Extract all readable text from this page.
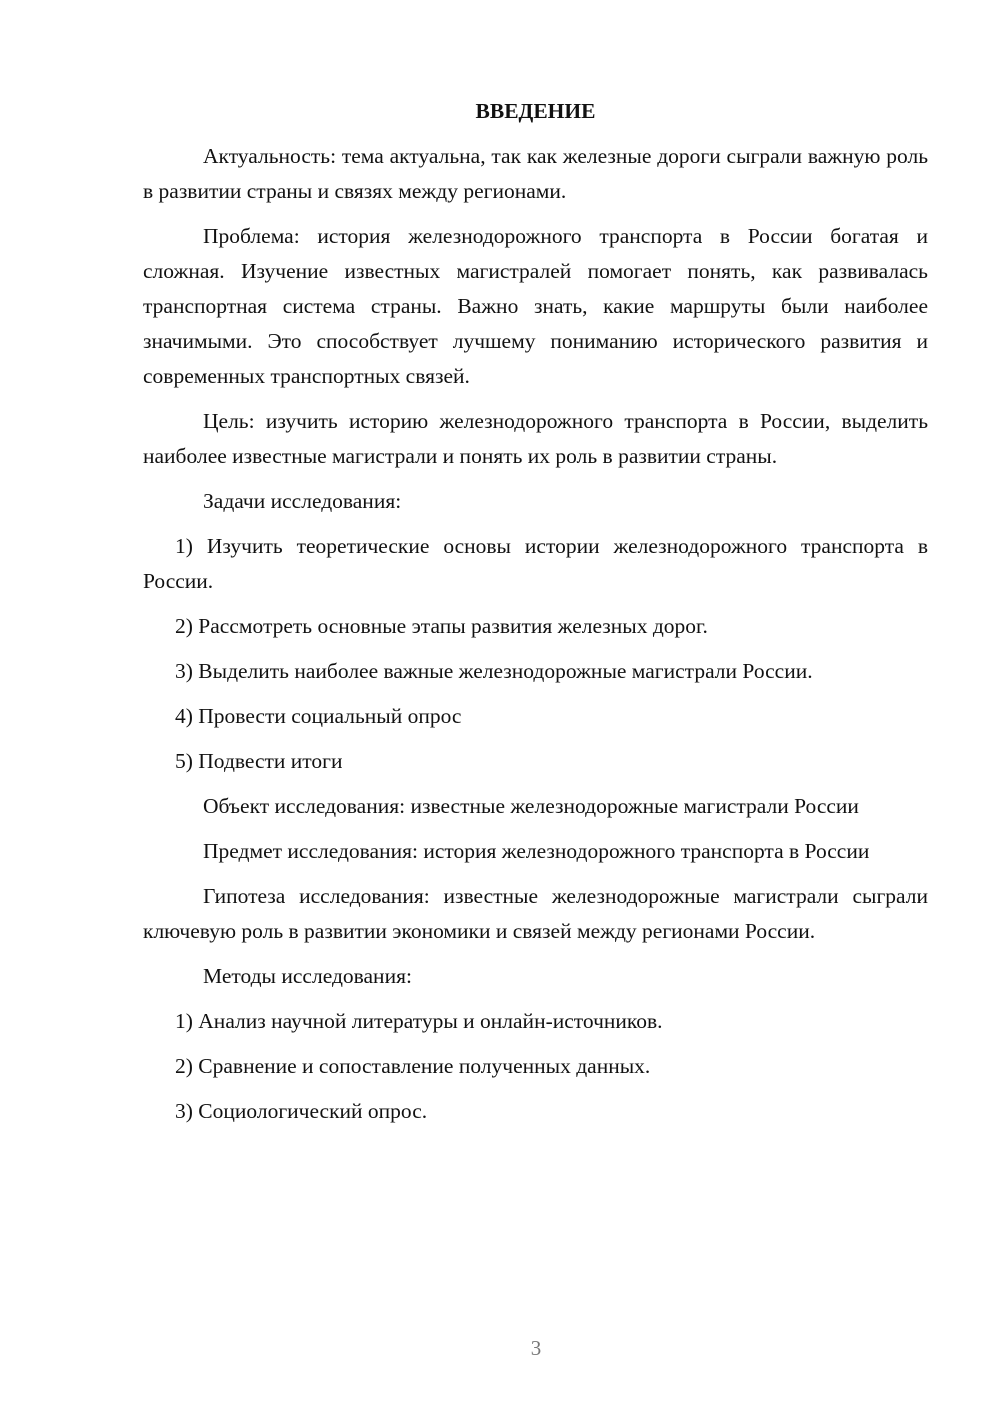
ВВЕДЕНИЕ

Актуальность: тема актуальна, так как железные дороги сыграли важную роль в развитии страны и связях между регионами.

Проблема: история железнодорожного транспорта в России богатая и сложная. Изучение известных магистралей помогает понять, как развивалась транспортная система страны. Важно знать, какие маршруты были наиболее значимыми. Это способствует лучшему пониманию исторического развития и современных транспортных связей.

Цель: изучить историю железнодорожного транспорта в России, выделить наиболее известные магистрали и понять их роль в развитии страны.

Задачи исследования:

1) Изучить теоретические основы истории железнодорожного транспорта в России.

2) Рассмотреть основные этапы развития железных дорог.

3) Выделить наиболее важные железнодорожные магистрали России.

4) Провести социальный опрос

5) Подвести итоги

Объект исследования: известные железнодорожные магистрали России

Предмет исследования: история железнодорожного транспорта в России

Гипотеза исследования: известные железнодорожные магистрали сыграли ключевую роль в развитии экономики и связей между регионами России.

Методы исследования:

1) Анализ научной литературы и онлайн-источников.

2) Сравнение и сопоставление полученных данных.

3) Социологический опрос.

3
